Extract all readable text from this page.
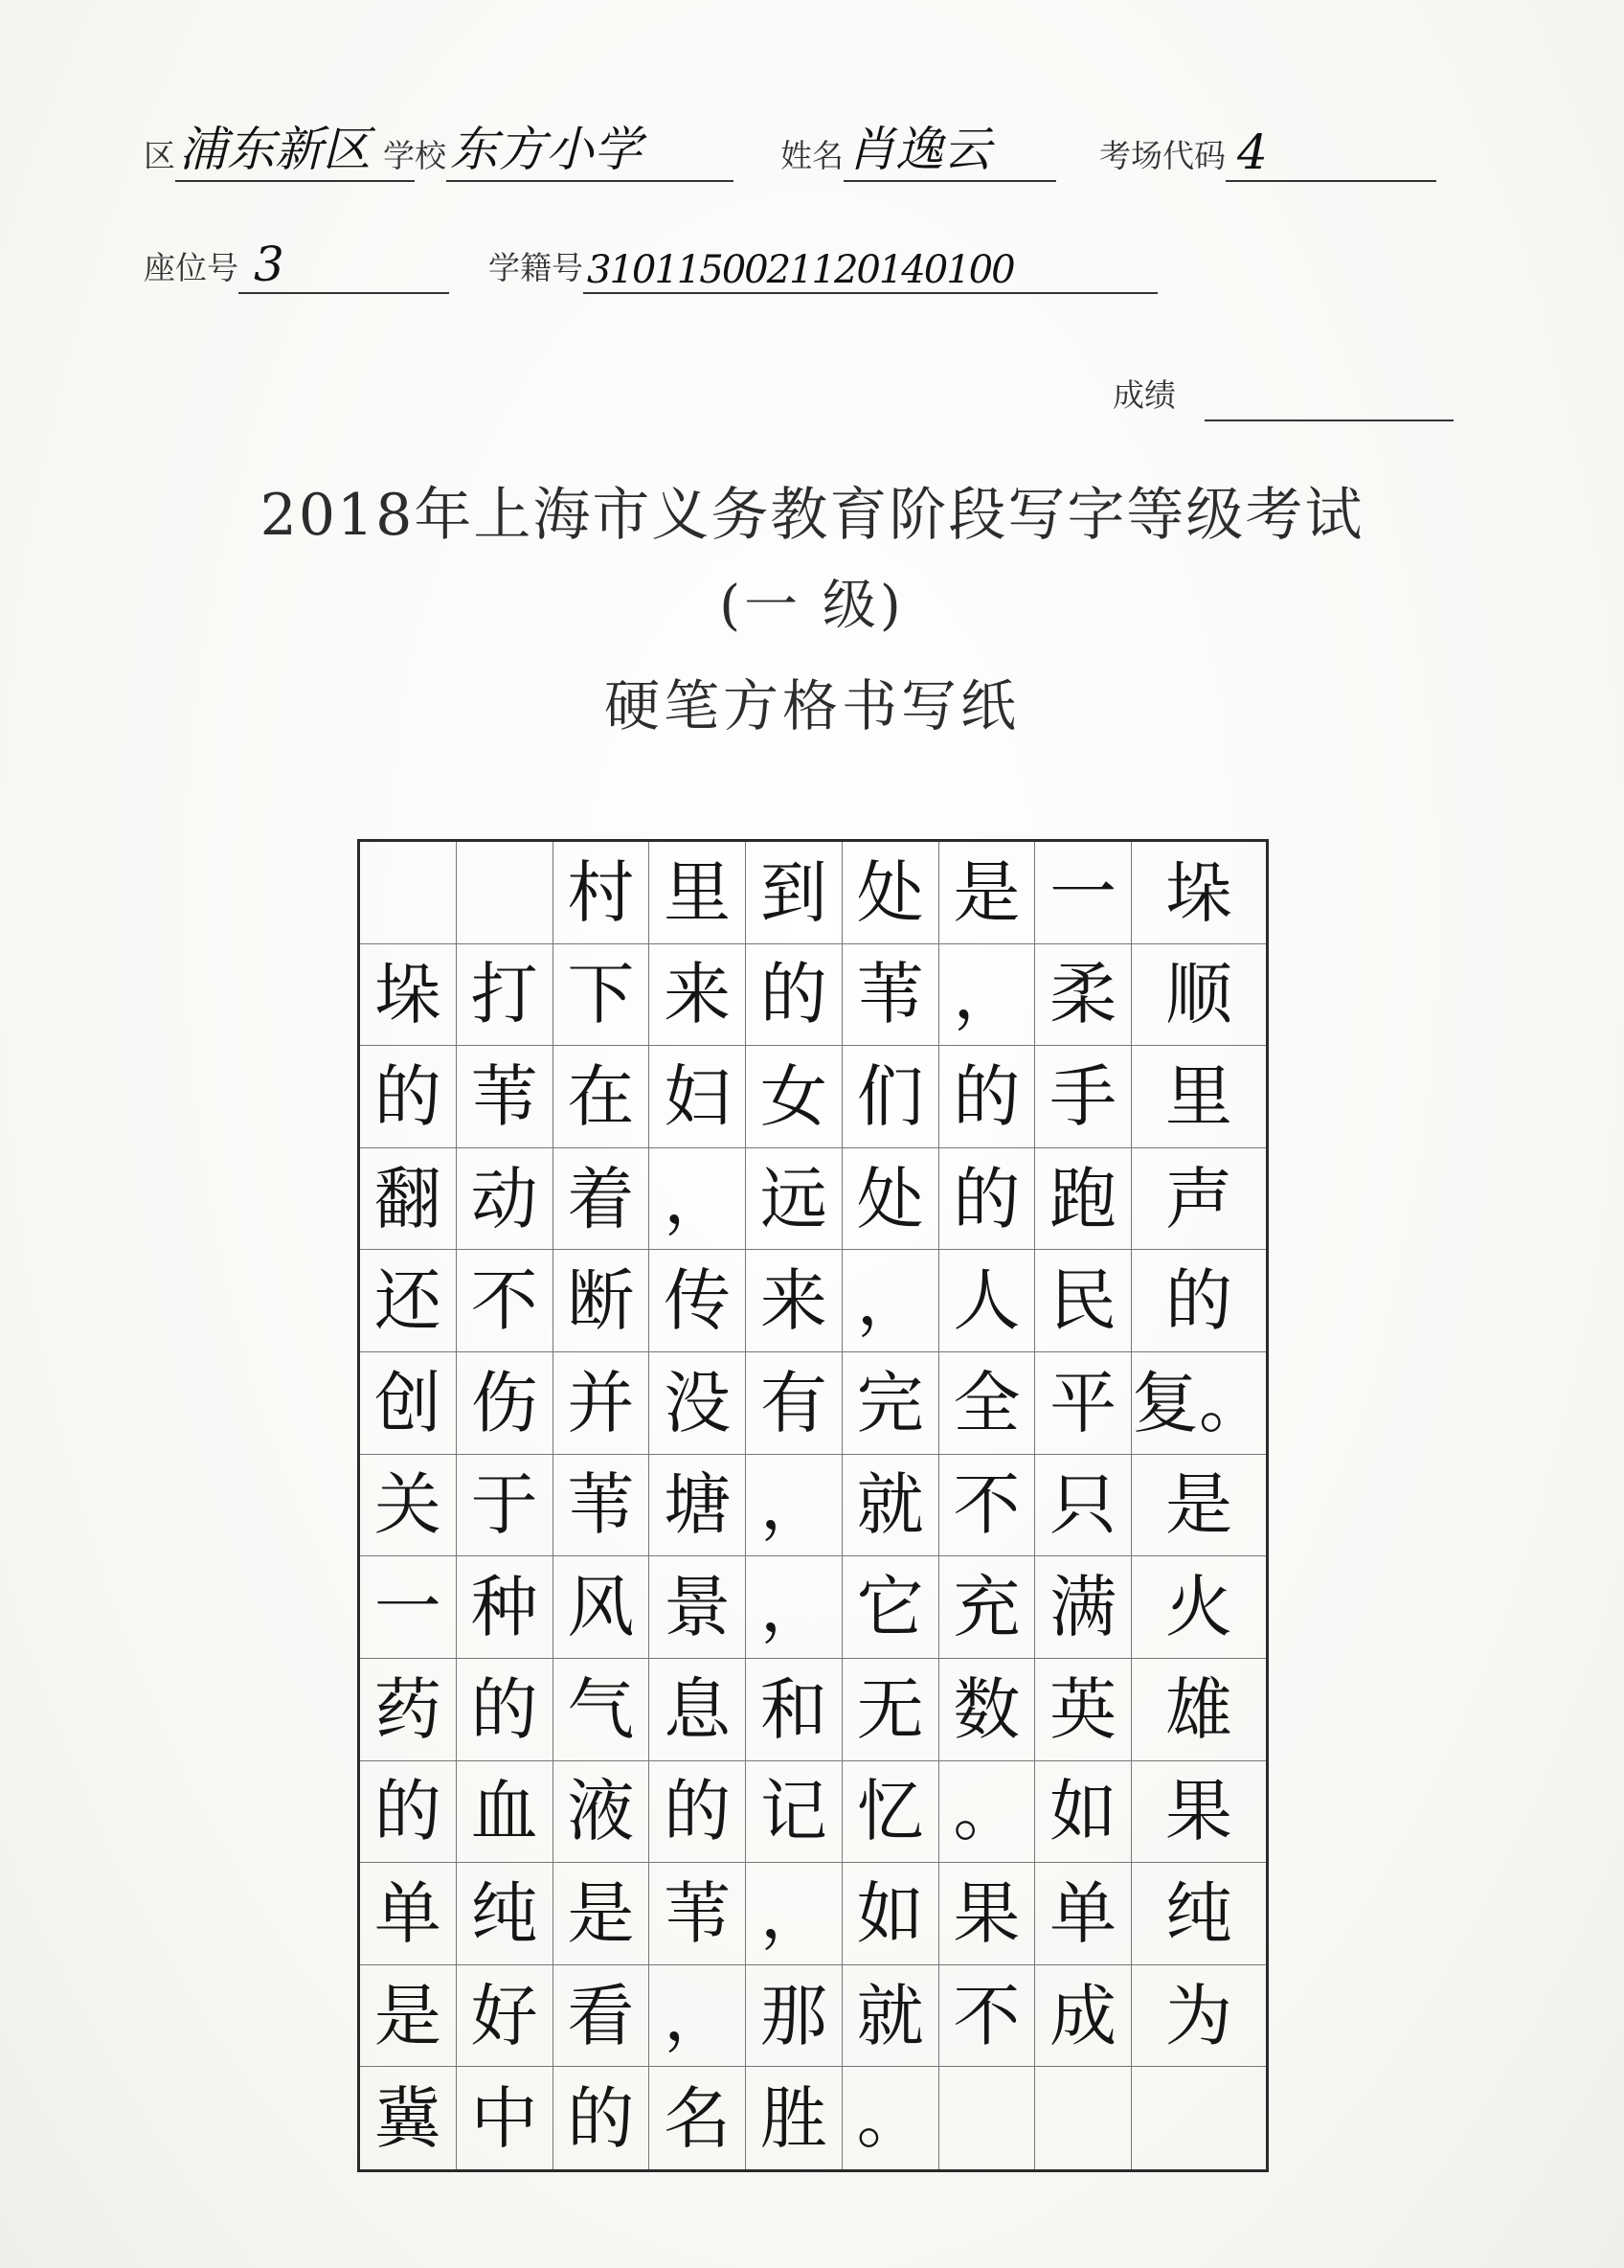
区 浦东新区 学校 东方小学	姓名 肖逸云	考场代码 4
座位号 3	学籍号 3101150021120140100
成绩
2018年上海市义务教育阶段写字等级考试
(一 级)
硬笔方格书写纸
村 里 到 处 是 一 垛
垛 打 下 来 的 苇 ， 柔 顺
的 苇 在 妇 女 们 的 手 里
翻 动 着 ， 远 处 的 跑 声
还 不 断 传 来 ， 人 民 的
创 伤 并 没 有 完 全 平 复。
关 于 苇 塘 ， 就 不 只 是
一 种 风 景 ， 它 充 满 火
药 的 气 息 和 无 数 英 雄
的 血 液 的 记 忆 。 如 果
单 纯 是 苇 ， 如 果 单 纯
是 好 看 ， 那 就 不 成 为
冀 中 的 名 胜 。
